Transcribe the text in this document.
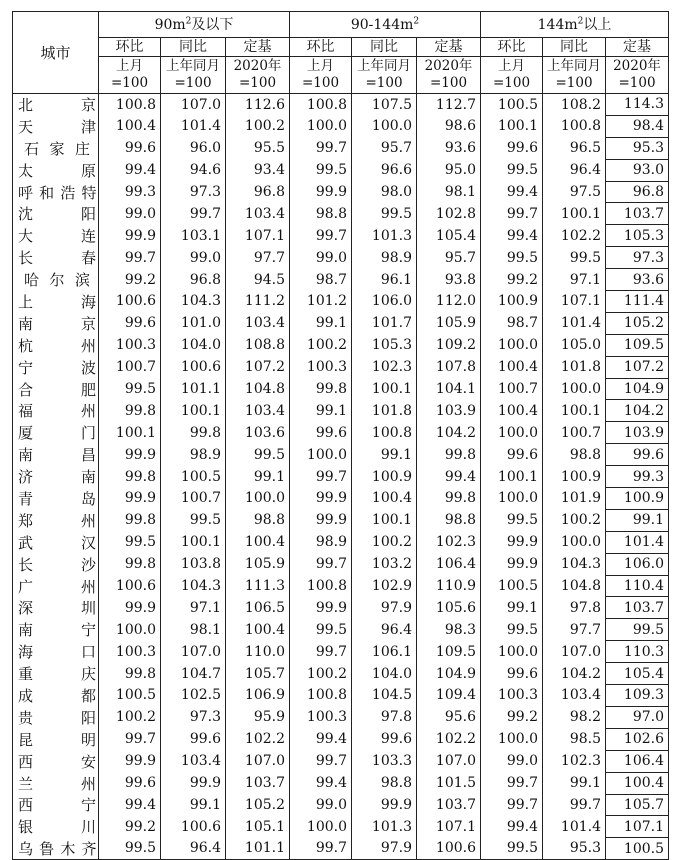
城市	$90m^2$及以下			$90-144m^2$			$144m^2$以上		
	环比	同比	定基	环比	同比	定基	环比	同比	定基
	上月 =100	上年同月=100	2020年 =100	上月 =100	上年同月=100	2020年 =100	上月 =100	上年同月=100	2020年 =100

北 京	100.8	107.0	112.6	100.8	107.5	112.7	100.5	108.2	114.3

天 津	100.4	101.4	100.2	100.0	100.0	98.6	100.1	100.8	98.4

石 家 庄	99.6	96.0	95.5	99.7	95.7	93.6	99.6	96.5	95.3

太 原	99.4	94.6	93.4	99.5	96.6	95.0	99.5	96.4	93.0

呼 和 浩 特	99.3	97.3	96.8	99.9	98.0	98.1	99.4	97.5	96.8

沈 阳	99.0	99.7	103.4	98.8	99.5	102.8	99.7	100.1	103.7

大 连	99.9	103.1	107.1	99.7	101.3	105.4	99.4	102.2	105.3

长 春	99.7	99.0	97.7	99.0	98.9	95.7	99.5	99.5	97.3

哈 尔 滨	99.2	96.8	94.5	98.7	96.1	93.8	99.2	97.1	93.6

上 海	100.6	104.3	111.2	101.2	106.0	112.0	100.9	107.1	111.4

南 京	99.6	101.0	103.4	99.1	101.7	105.9	98.7	101.4	105.2

杭 州	100.3	104.0	108.8	100.2	105.3	109.2	100.0	105.0	109.5

宁 波	100.7	100.6	107.2	100.3	102.3	107.8	100.4	101.8	107.2

合 肥	99.5	101.1	104.8	99.8	100.1	104.1	100.7	100.0	104.9

福 州	99.8	100.1	103.4	99.1	101.8	103.9	100.4	100.1	104.2

厦 门	100.1	99.8	103.6	99.6	100.8	104.2	100.0	100.7	103.9

南 昌	99.9	98.9	99.5	100.0	99.1	99.8	99.6	98.8	99.6

济 南	99.8	100.5	99.1	99.7	100.9	99.4	100.1	100.9	99.3

青 岛	99.9	100.7	100.0	99.9	100.4	99.8	100.0	101.9	100.9

郑 州	99.8	99.5	98.8	99.9	100.1	98.8	99.5	100.2	99.1

武 汉	99.5	100.1	100.4	98.9	100.2	102.3	99.9	100.0	101.4

长 沙	99.8	103.8	105.9	99.7	103.2	106.4	99.9	104.3	106.0

广 州	100.6	104.3	111.3	100.8	102.9	110.9	100.5	104.8	110.4

深 圳	99.9	97.1	106.5	99.9	97.9	105.6	99.1	97.8	103.7

南 宁	100.0	98.1	100.4	99.5	96.4	98.3	99.5	97.7	99.5

海 口	100.3	107.0	110.0	99.7	106.1	109.5	100.0	107.0	110.3

重 庆	99.8	104.7	105.7	100.2	104.0	104.9	99.6	104.2	105.4

成 都	100.5	102.5	106.9	100.8	104.5	109.4	100.3	103.4	109.3

贵 阳	100.2	97.3	95.9	100.3	97.8	95.6	99.2	98.2	97.0

昆 明	99.7	99.6	102.2	99.4	99.6	102.2	100.0	98.5	102.6

西 安	99.9	103.4	107.0	99.7	103.3	107.0	99.0	102.3	106.4

兰 州	99.6	99.9	103.7	99.4	98.8	101.5	99.7	99.1	100.4

西 宁	99.4	99.1	105.2	99.0	99.9	103.7	99.7	99.7	105.7

银 川	99.2	100.6	105.1	100.0	101.3	107.1	99.4	101.4	107.1

乌 鲁 木 齐	99.5	96.4	101.1	99.7	97.9	100.6	99.5	95.3	100.5
